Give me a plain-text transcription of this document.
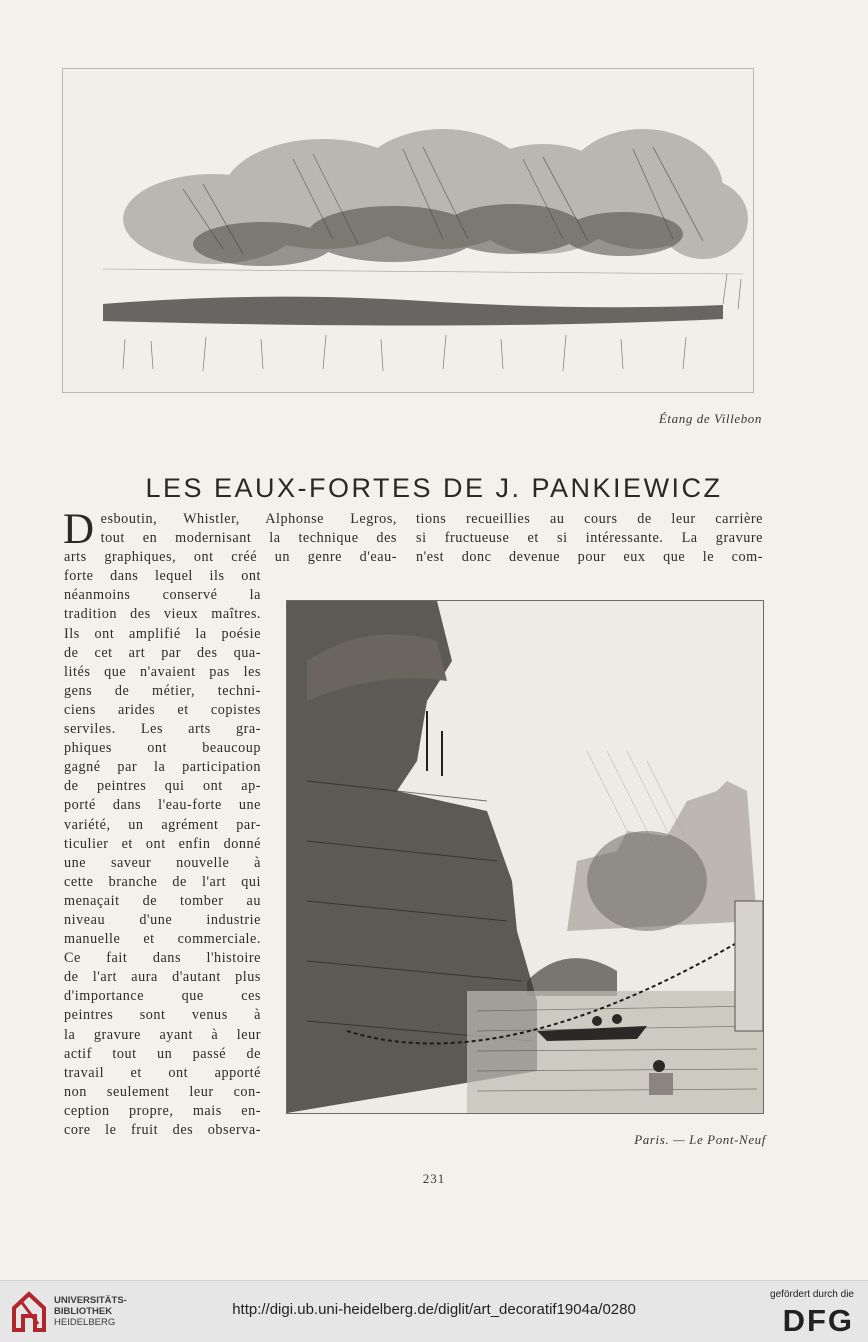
Étang de Villebon
LES EAUX-FORTES DE J. PANKIEWICZ
D esboutin, Whistler, Alphonse Legros,
tout en modernisant la technique des
arts graphiques, ont créé un genre d'eau-
forte dans lequel ils ont
néanmoins conservé la
tradition des vieux maîtres.
Ils ont amplifié la poésie
de cet art par des qua-
lités que n'avaient pas les
gens de métier, techni-
ciens arides et copistes
serviles. Les arts gra-
phiques ont beaucoup
gagné par la participation
de peintres qui ont ap-
porté dans l'eau-forte une
variété, un agrément par-
ticulier et ont enfin donné
une saveur nouvelle à
cette branche de l'art qui
menaçait de tomber au
niveau d'une industrie
manuelle et commerciale.
Ce fait dans l'histoire
de l'art aura d'autant plus
d'importance que ces
peintres sont venus à
la gravure ayant à leur
actif tout un passé de
travail et ont apporté
non seulement leur con-
ception propre, mais en-
core le fruit des observa-
tions recueillies au cours de leur carrière
si fructueuse et si intéressante. La gravure
n'est donc devenue pour eux que le com-
Paris. — Le Pont-Neuf
231
UNIVERSITÄTS-
BIBLIOTHEK
HEIDELBERG
http://digi.ub.uni-heidelberg.de/diglit/art_decoratif1904a/0280
gefördert durch die
DFG
